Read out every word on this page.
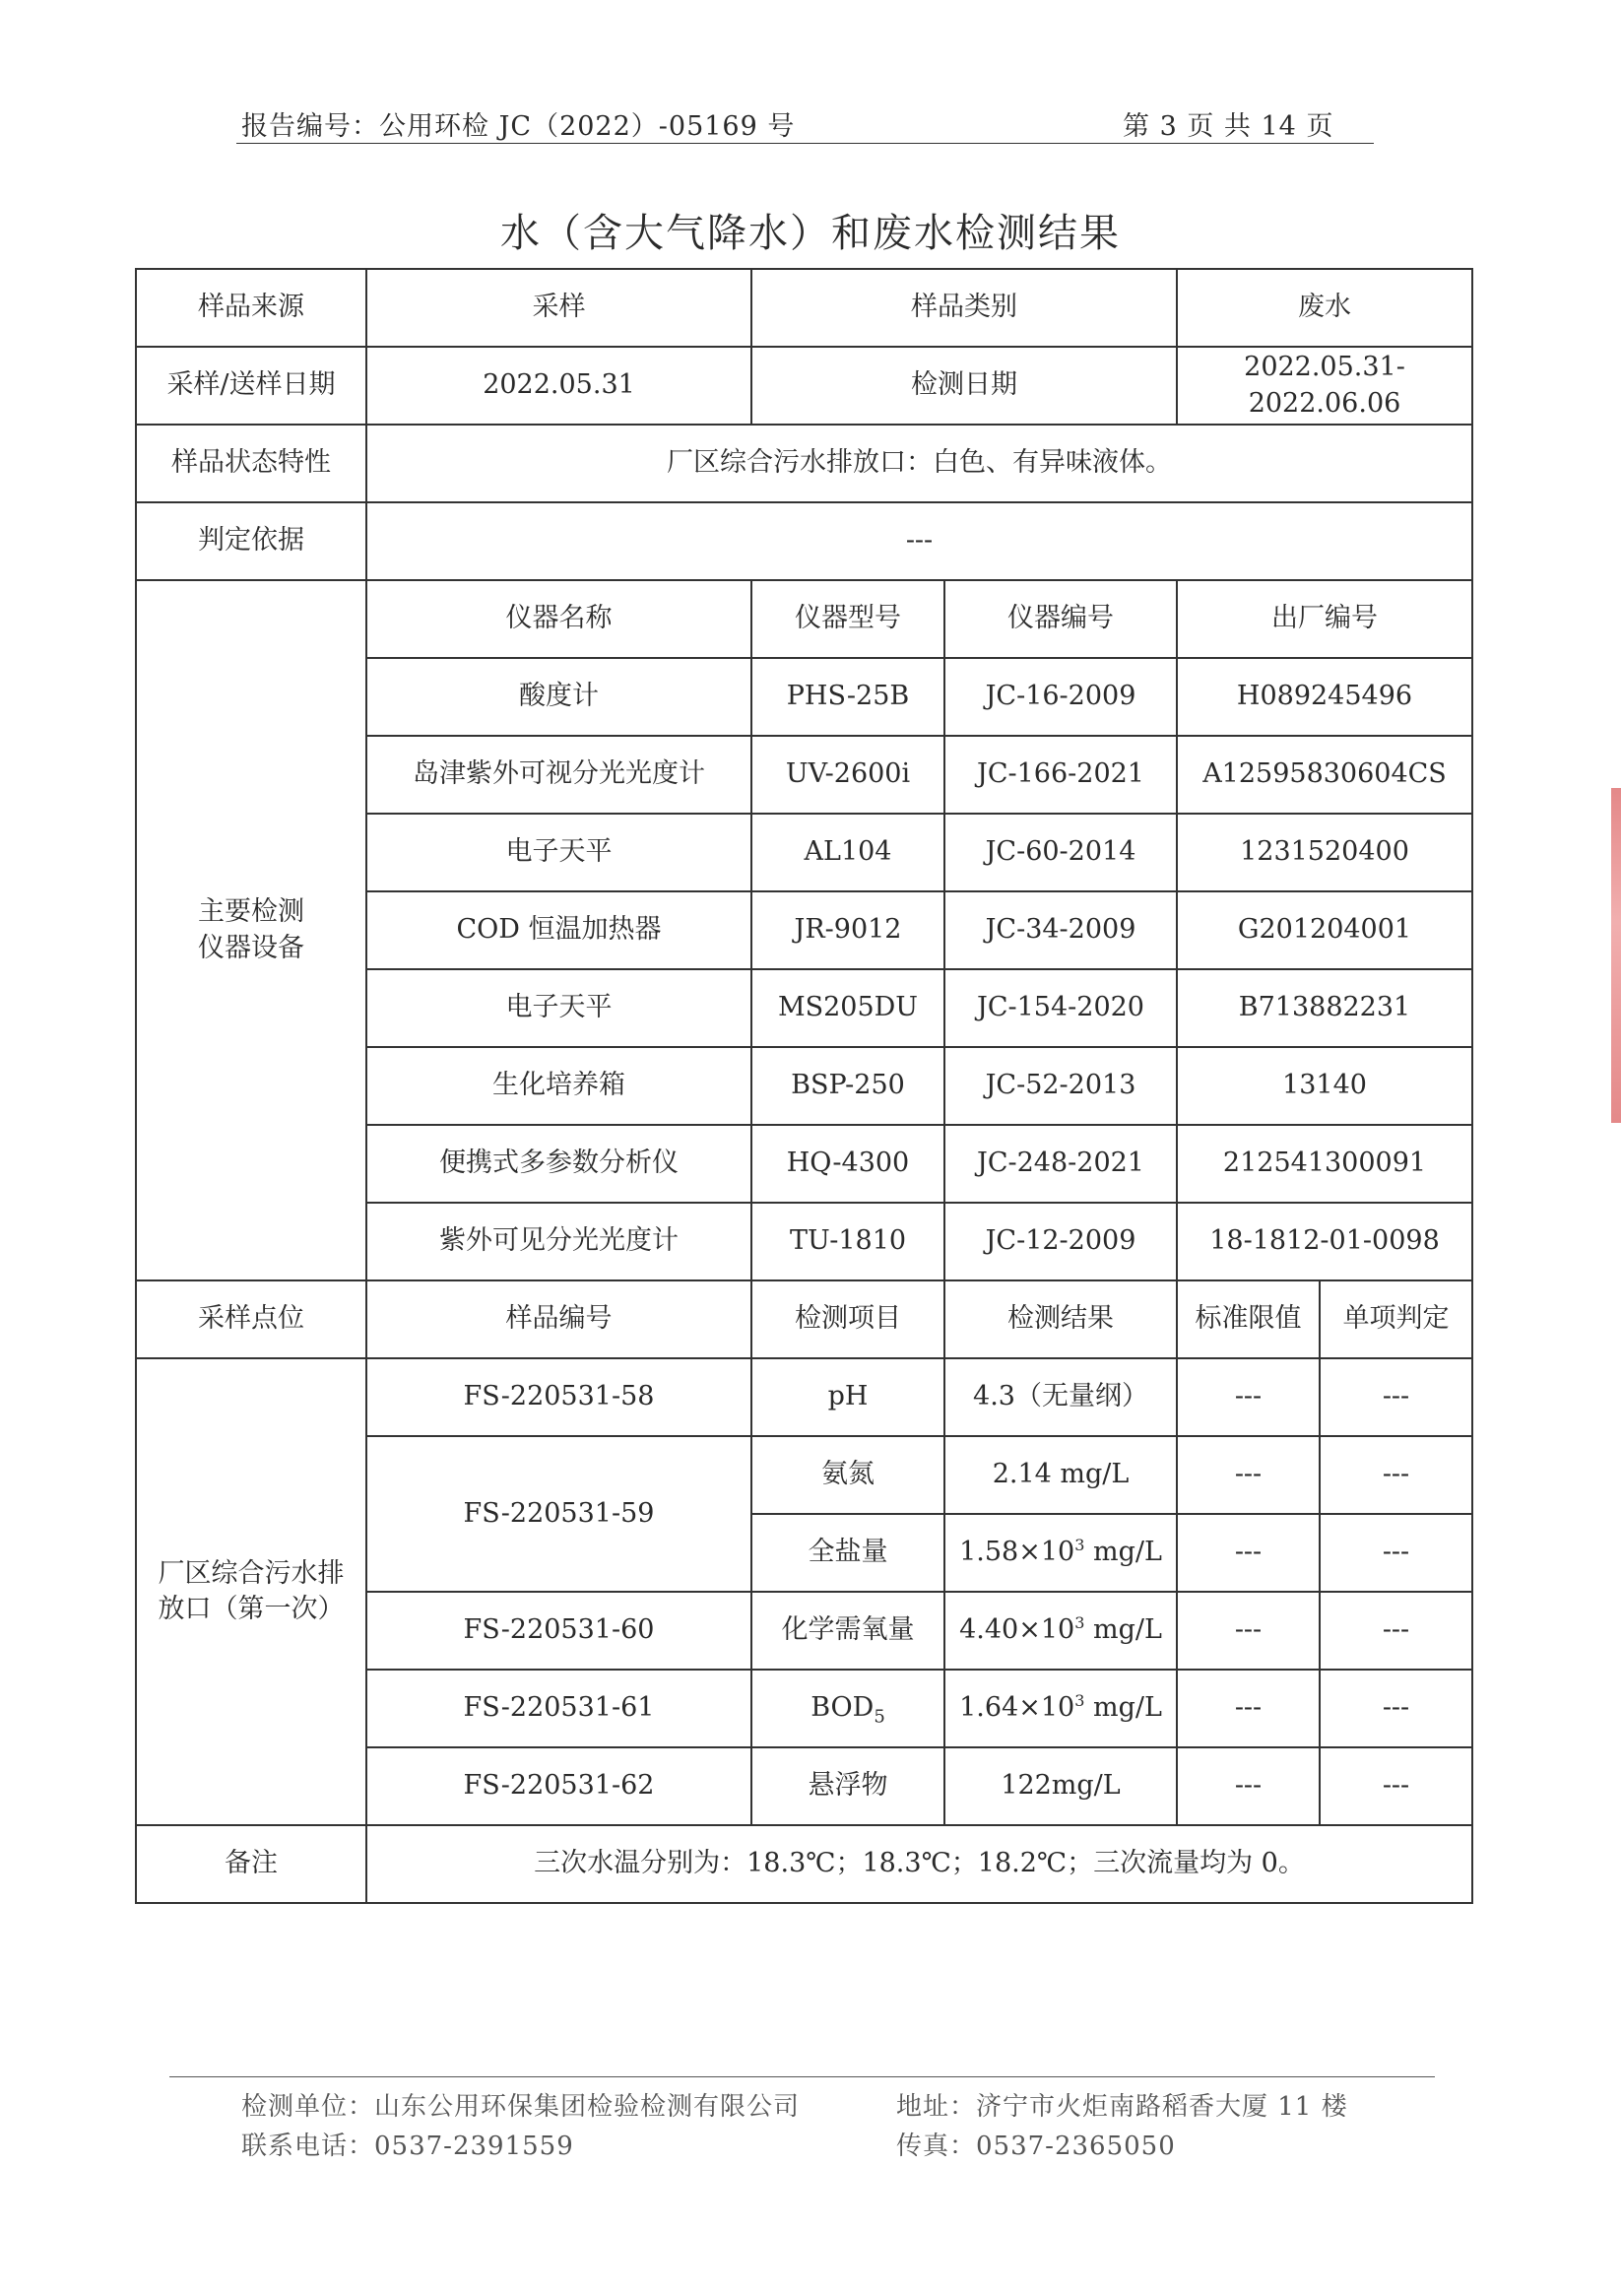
报告编号：公用环检 JC（2022）-05169 号	第 3 页 共 14 页
水（含大气降水）和废水检测结果
样品来源	采样	样品类别		废水	
采样/送样日期	2022.05.31	检测日期		2022.05.31-2022.06.06	
样品状态特性	厂区综合污水排放口：白色、有异味液体。				
判定依据	---				

主要检测
仪器设备	仪器名称	仪器型号	仪器编号	出厂编号	
	酸度计	PHS-25B	JC-16-2009	H089245496	
	岛津紫外可视分光光度计	UV-2600i	JC-166-2021	A12595830604CS	
	电子天平	AL104	JC-60-2014	1231520400	
	COD 恒温加热器	JR-9012	JC-34-2009	G201204001	
	电子天平	MS205DU	JC-154-2020	B713882231	
	生化培养箱	BSP-250	JC-52-2013	13140	
	便携式多参数分析仪	HQ-4300	JC-248-2021	212541300091	
	紫外可见分光光度计	TU-1810	JC-12-2009	18-1812-01-0098	
采样点位	样品编号	检测项目	检测结果	标准限值	单项判定

厂区综合污水排
放口（第一次）	FS-220531-58	pH	4.3（无量纲）	---	---
	FS-220531-59	氨氮	2.14 mg/L	---	---
		全盐量	$1.58\times 10^3$ mg/L	---	---
	FS-220531-60	化学需氧量	$4.40\times 10^3$ mg/L	---	---
	FS-220531-61	$BOD_5$	$1.64\times 10^3$ mg/L	---	---
	FS-220531-62	悬浮物	122mg/L	---	---
备注	三次水温分别为：18.3℃；18.3℃；18.2℃；三次流量均为 0。				
检测单位：山东公用环保集团检验检测有限公司	地址：济宁市火炬南路稻香大厦 11 楼
联系电话：0537-2391559	传真：0537-2365050
